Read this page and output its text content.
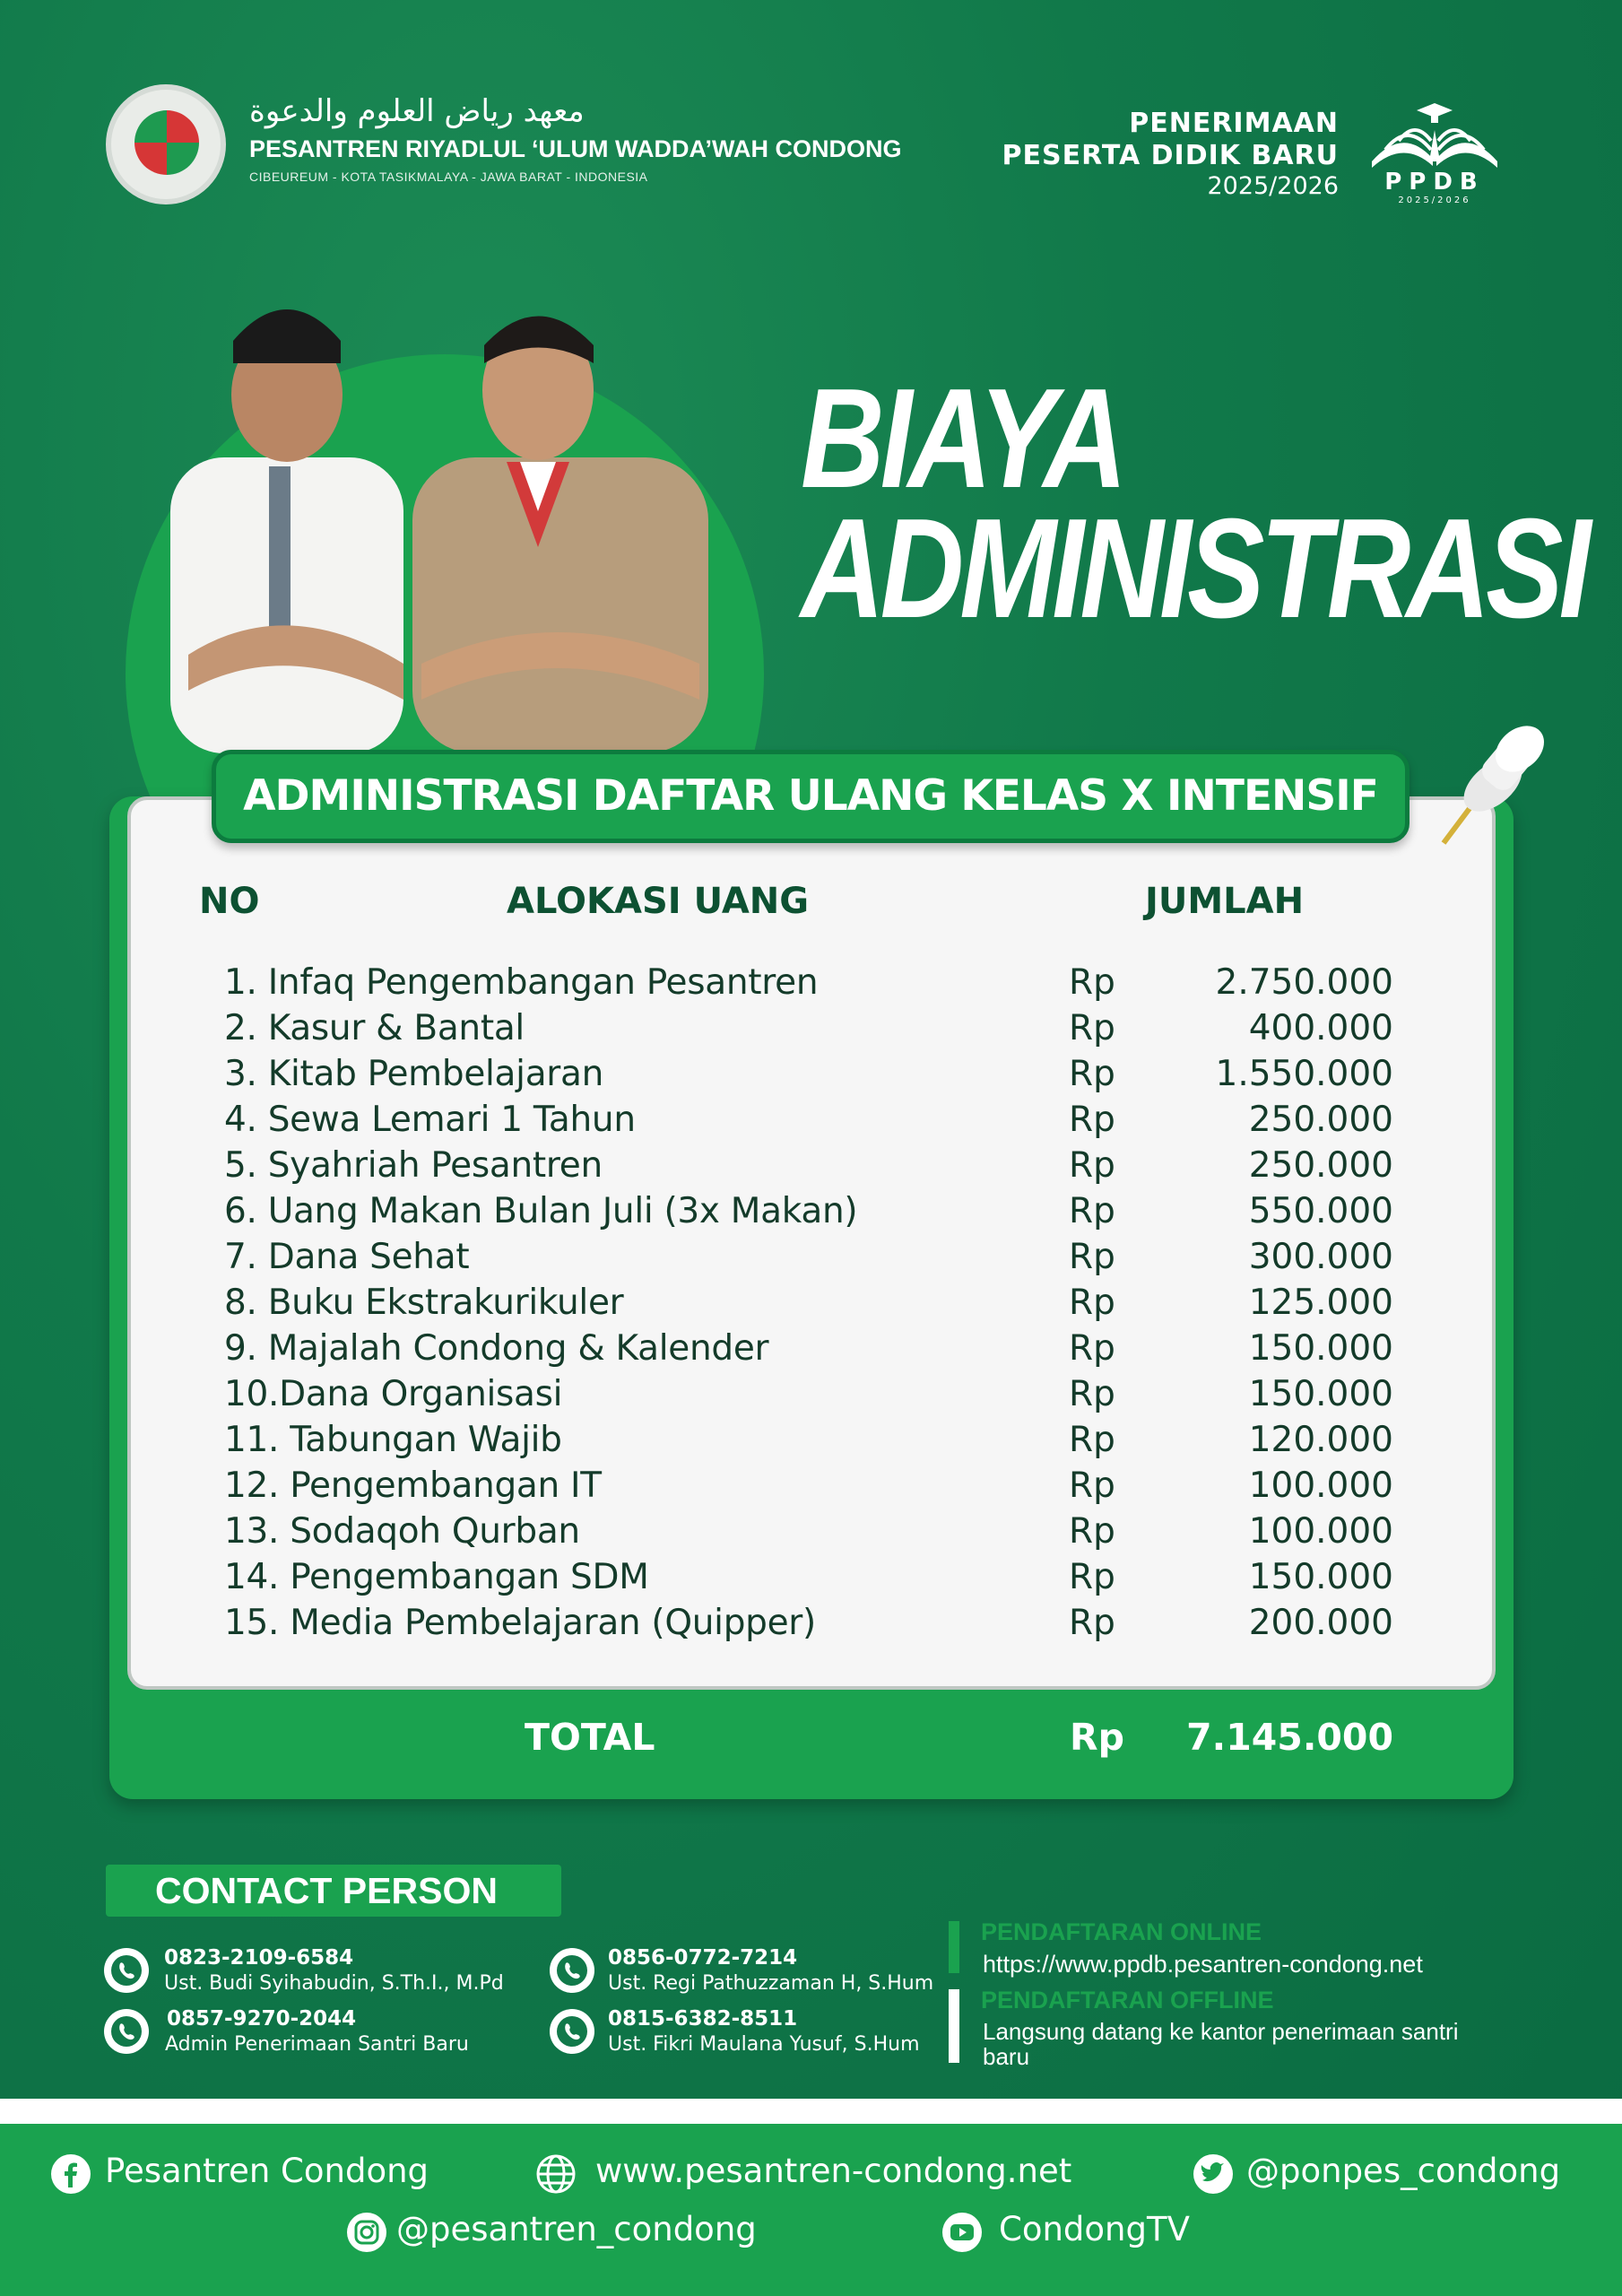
معهد رياض العلوم والدعوة
PESANTREN RIYADLUL ‘ULUM WADDA’WAH CONDONG
CIBEUREUM - KOTA TASIKMALAYA - JAWA BARAT - INDONESIA
PENERIMAAN
PESERTA DIDIK BARU
2025/2026	PPDB
2025/2026
BIAYA
ADMINISTRASI
ADMINISTRASI DAFTAR ULANG KELAS X INTENSIF
NO	ALOKASI UANG	JUMLAH
1. Infaq Pengembangan Pesantren	Rp	2.750.000
2. Kasur & Bantal	Rp	400.000
3. Kitab Pembelajaran	Rp	1.550.000
4. Sewa Lemari 1 Tahun	Rp	250.000
5. Syahriah Pesantren	Rp	250.000
6. Uang Makan Bulan Juli (3x Makan)	Rp	550.000
7. Dana Sehat	Rp	300.000
8. Buku Ekstrakurikuler	Rp	125.000
9. Majalah Condong & Kalender	Rp	150.000
10.Dana Organisasi	Rp	150.000
11. Tabungan Wajib	Rp	120.000
12. Pengembangan IT	Rp	100.000
13. Sodaqoh Qurban	Rp	100.000
14. Pengembangan SDM	Rp	150.000
15. Media Pembelajaran (Quipper)	Rp	200.000
TOTAL	Rp	7.145.000
CONTACT PERSON
0823-2109-6584
Ust. Budi Syihabudin, S.Th.I., M.Pd
0857-9270-2044
Admin Penerimaan Santri Baru
0856-0772-7214
Ust. Regi Pathuzzaman H, S.Hum
0815-6382-8511
Ust. Fikri Maulana Yusuf, S.Hum
PENDAFTARAN ONLINE
https://www.ppdb.pesantren-condong.net
PENDAFTARAN OFFLINE
Langsung datang ke kantor penerimaan santri baru
Pesantren Condong	www.pesantren-condong.net	@ponpes_condong
@pesantren_condong	CondongTV
